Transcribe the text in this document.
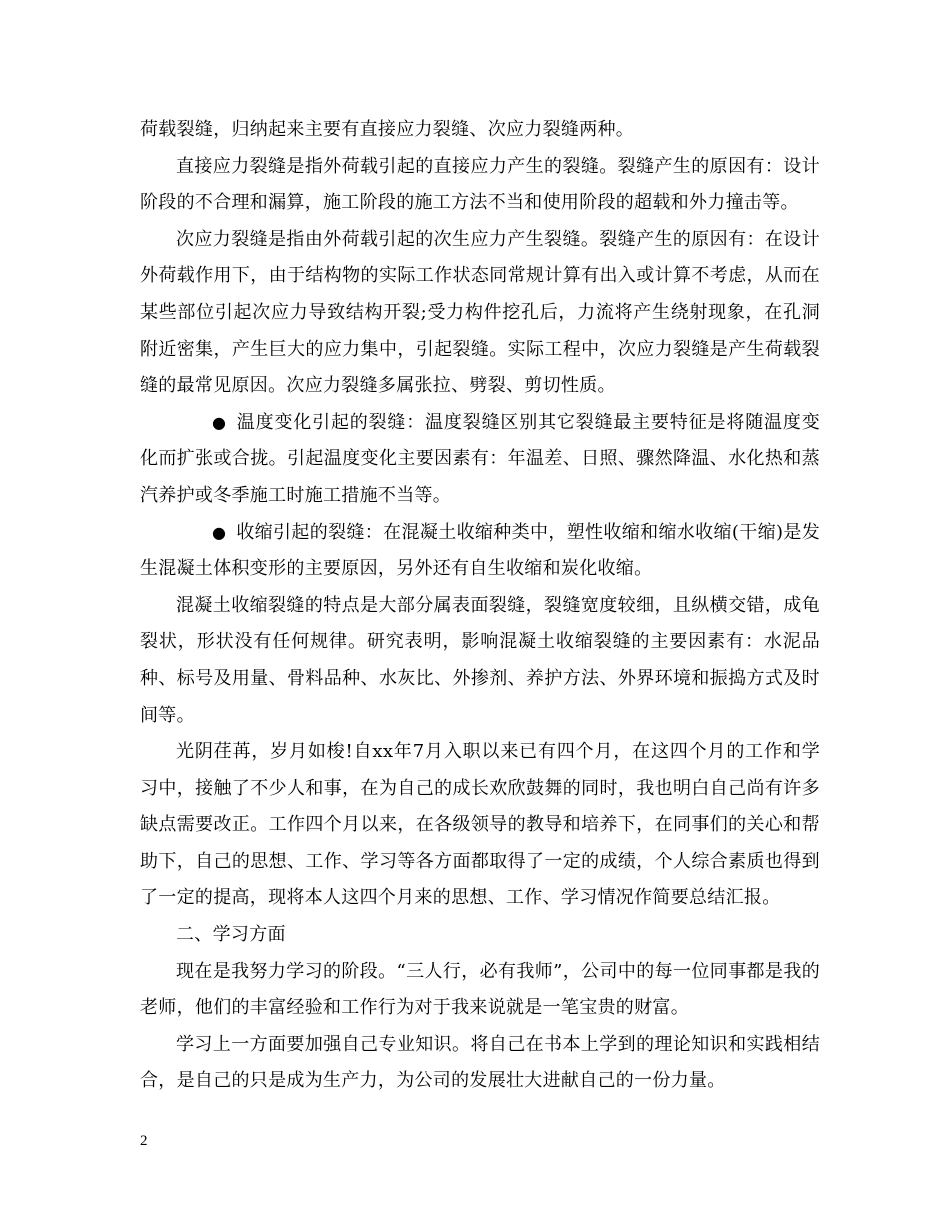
荷载裂缝，归纳起来主要有直接应力裂缝、次应力裂缝两种。

直接应力裂缝是指外荷载引起的直接应力产生的裂缝。裂缝产生的原因有：设计阶段的不合理和漏算，施工阶段的施工方法不当和使用阶段的超载和外力撞击等。

次应力裂缝是指由外荷载引起的次生应力产生裂缝。裂缝产生的原因有：在设计外荷载作用下，由于结构物的实际工作状态同常规计算有出入或计算不考虑，从而在某些部位引起次应力导致结构开裂;受力构件挖孔后，力流将产生绕射现象，在孔洞附近密集，产生巨大的应力集中，引起裂缝。实际工程中，次应力裂缝是产生荷载裂缝的最常见原因。次应力裂缝多属张拉、劈裂、剪切性质。

● 温度变化引起的裂缝：温度裂缝区别其它裂缝最主要特征是将随温度变化而扩张或合拢。引起温度变化主要因素有：年温差、日照、骤然降温、水化热和蒸汽养护或冬季施工时施工措施不当等。

● 收缩引起的裂缝：在混凝土收缩种类中，塑性收缩和缩水收缩(干缩)是发生混凝土体积变形的主要原因，另外还有自生收缩和炭化收缩。

混凝土收缩裂缝的特点是大部分属表面裂缝，裂缝宽度较细，且纵横交错，成龟裂状，形状没有任何规律。研究表明，影响混凝土收缩裂缝的主要因素有：水泥品种、标号及用量、骨料品种、水灰比、外掺剂、养护方法、外界环境和振捣方式及时间等。

光阴荏苒，岁月如梭!自xx年7月入职以来已有四个月，在这四个月的工作和学习中，接触了不少人和事，在为自己的成长欢欣鼓舞的同时，我也明白自己尚有许多缺点需要改正。工作四个月以来，在各级领导的教导和培养下，在同事们的关心和帮助下，自己的思想、工作、学习等各方面都取得了一定的成绩，个人综合素质也得到了一定的提高，现将本人这四个月来的思想、工作、学习情况作简要总结汇报。

二、学习方面

现在是我努力学习的阶段。“三人行，必有我师”，公司中的每一位同事都是我的老师，他们的丰富经验和工作行为对于我来说就是一笔宝贵的财富。

学习上一方面要加强自己专业知识。将自己在书本上学到的理论知识和实践相结合，是自己的只是成为生产力，为公司的发展壮大进献自己的一份力量。

2
